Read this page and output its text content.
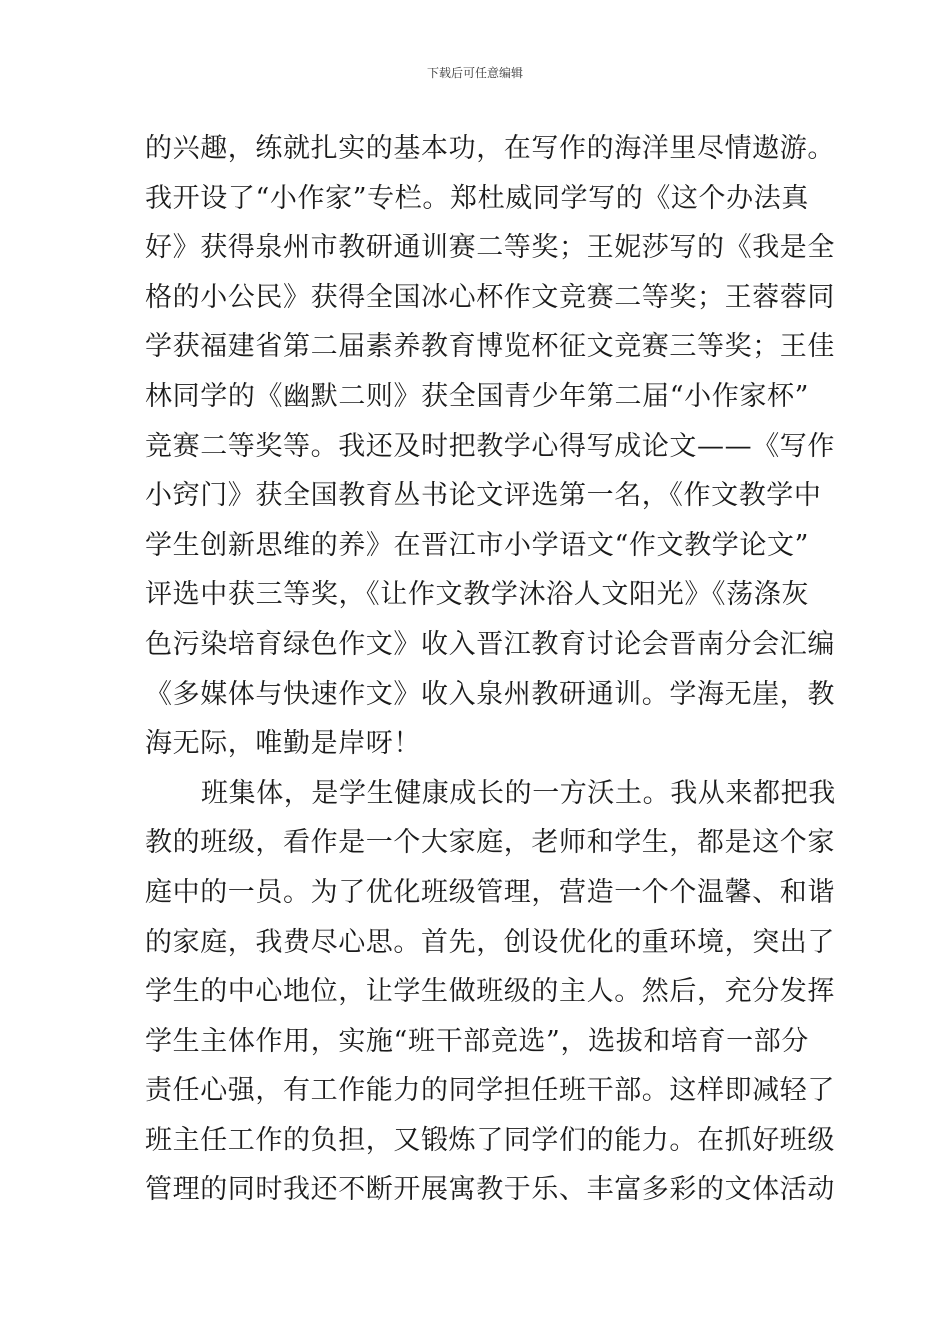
下载后可任意编辑
的兴趣，练就扎实的基本功，在写作的海洋里尽情遨游。
我开设了“小作家”专栏。郑杜威同学写的《这个办法真
好》获得泉州市教研通训赛二等奖；王妮莎写的《我是全
格的小公民》获得全国冰心杯作文竞赛二等奖；王蓉蓉同
学获福建省第二届素养教育博览杯征文竞赛三等奖；王佳
林同学的《幽默二则》获全国青少年第二届“小作家杯”
竞赛二等奖等。我还及时把教学心得写成论文——《写作
小窍门》获全国教育丛书论文评选第一名，《作文教学中
学生创新思维的养》在晋江市小学语文“作文教学论文”
评选中获三等奖，《让作文教学沐浴人文阳光》《荡涤灰
色污染培育绿色作文》收入晋江教育讨论会晋南分会汇编
《多媒体与快速作文》收入泉州教研通训。学海无崖，教
海无际，唯勤是岸呀！
班集体，是学生健康成长的一方沃土。我从来都把我
教的班级，看作是一个大家庭，老师和学生，都是这个家
庭中的一员。为了优化班级管理，营造一个个温馨、和谐
的家庭，我费尽心思。首先，创设优化的重环境，突出了
学生的中心地位，让学生做班级的主人。然后，充分发挥
学生主体作用，实施“班干部竞选”，选拔和培育一部分
责任心强，有工作能力的同学担任班干部。这样即减轻了
班主任工作的负担，又锻炼了同学们的能力。在抓好班级
管理的同时我还不断开展寓教于乐、丰富多彩的文体活动
